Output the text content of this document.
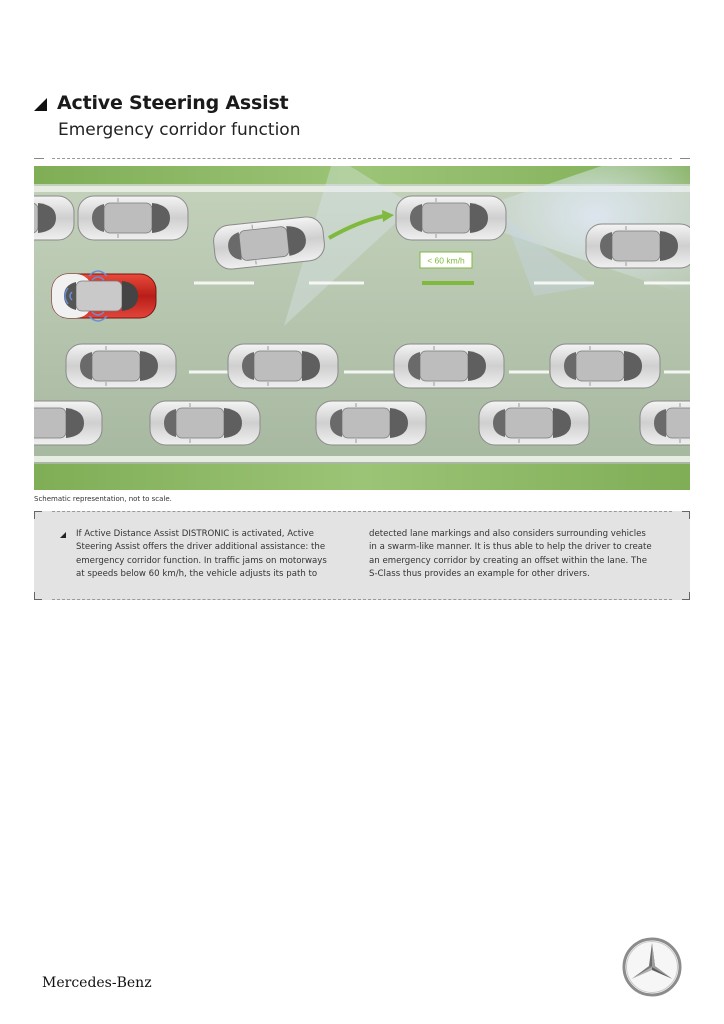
Active Steering Assist
Emergency corridor function
< 60 km/h
Schematic representation, not to scale.
If Active Distance Assist DISTRONIC is activated, Active
Steering Assist offers the driver additional assistance: the
emergency corridor function. In traffic jams on motorways
at speeds below 60 km/h, the vehicle adjusts its path to
detected lane markings and also considers surrounding vehicles
in a swarm-like manner. It is thus able to help the driver to create
an emergency corridor by creating an offset within the lane. The
S-Class thus provides an example for other drivers.
Mercedes-Benz
